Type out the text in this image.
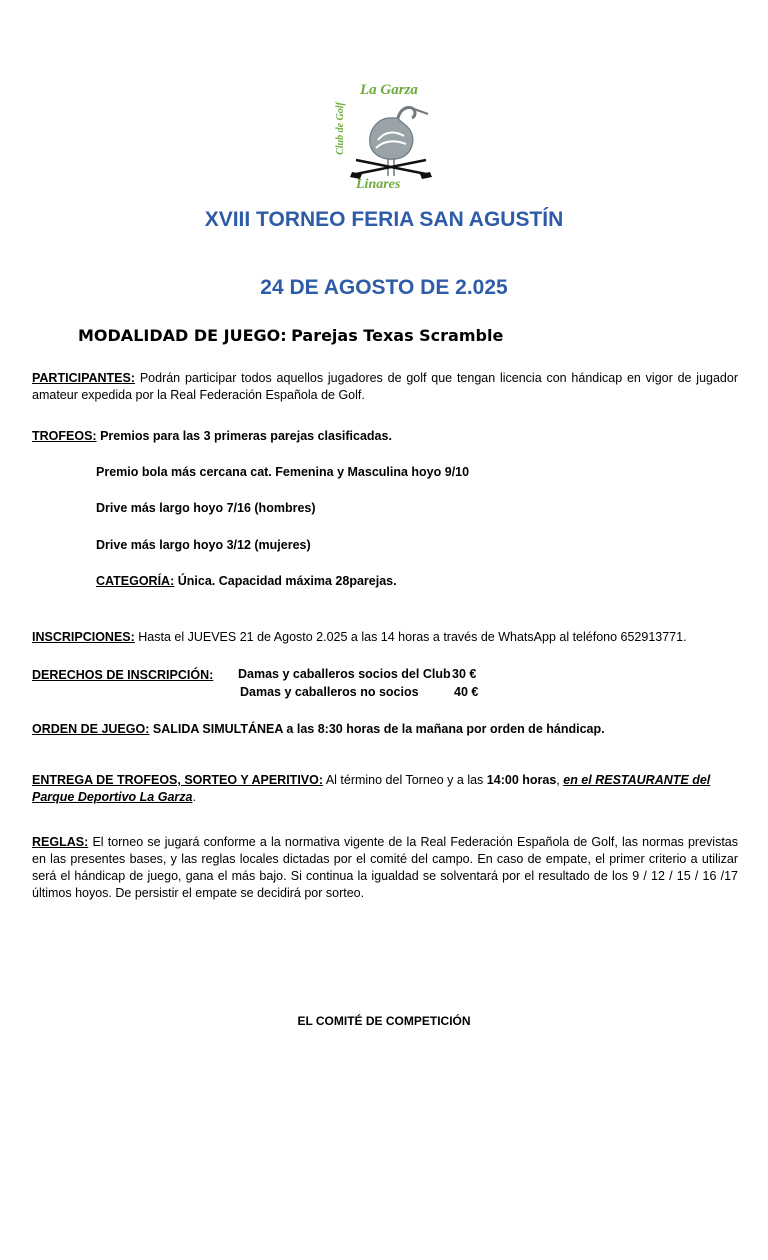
La Garza
Club de Golf
Linares
XVIII TORNEO FERIA SAN AGUSTÍN
24 DE AGOSTO DE 2.025
MODALIDAD DE JUEGO: Parejas Texas Scramble
PARTICIPANTES: Podrán participar todos aquellos jugadores de golf que tengan licencia con hándicap en vigor de jugador amateur expedida por la Real Federación Española de Golf.
TROFEOS: Premios para las 3 primeras parejas clasificadas.
Premio bola más cercana cat. Femenina y Masculina hoyo 9/10
Drive más largo hoyo 7/16 (hombres)
Drive más largo hoyo 3/12 (mujeres)
CATEGORÍA: Única. Capacidad máxima 28parejas.
INSCRIPCIONES: Hasta el JUEVES 21 de Agosto 2.025 a las 14 horas a través de WhatsApp al teléfono 652913771.
DERECHOS DE INSCRIPCIÓN:	Damas y caballeros socios del Club 30 €
Damas y caballeros no socios	40 €
ORDEN DE JUEGO: SALIDA SIMULTÁNEA a las 8:30 horas de la mañana por orden de hándicap.
ENTREGA DE TROFEOS, SORTEO Y APERITIVO: Al término del Torneo y a las 14:00 horas, en el RESTAURANTE del Parque Deportivo La Garza.
REGLAS: El torneo se jugará conforme a la normativa vigente de la Real Federación Española de Golf, las normas previstas en las presentes bases, y las reglas locales dictadas por el comité del campo. En caso de empate, el primer criterio a utilizar será el hándicap de juego, gana el más bajo. Si continua la igualdad se solventará por el resultado de los 9 / 12 / 15 / 16 /17 últimos hoyos. De persistir el empate se decidirá por sorteo.
EL COMITÉ DE COMPETICIÓN
